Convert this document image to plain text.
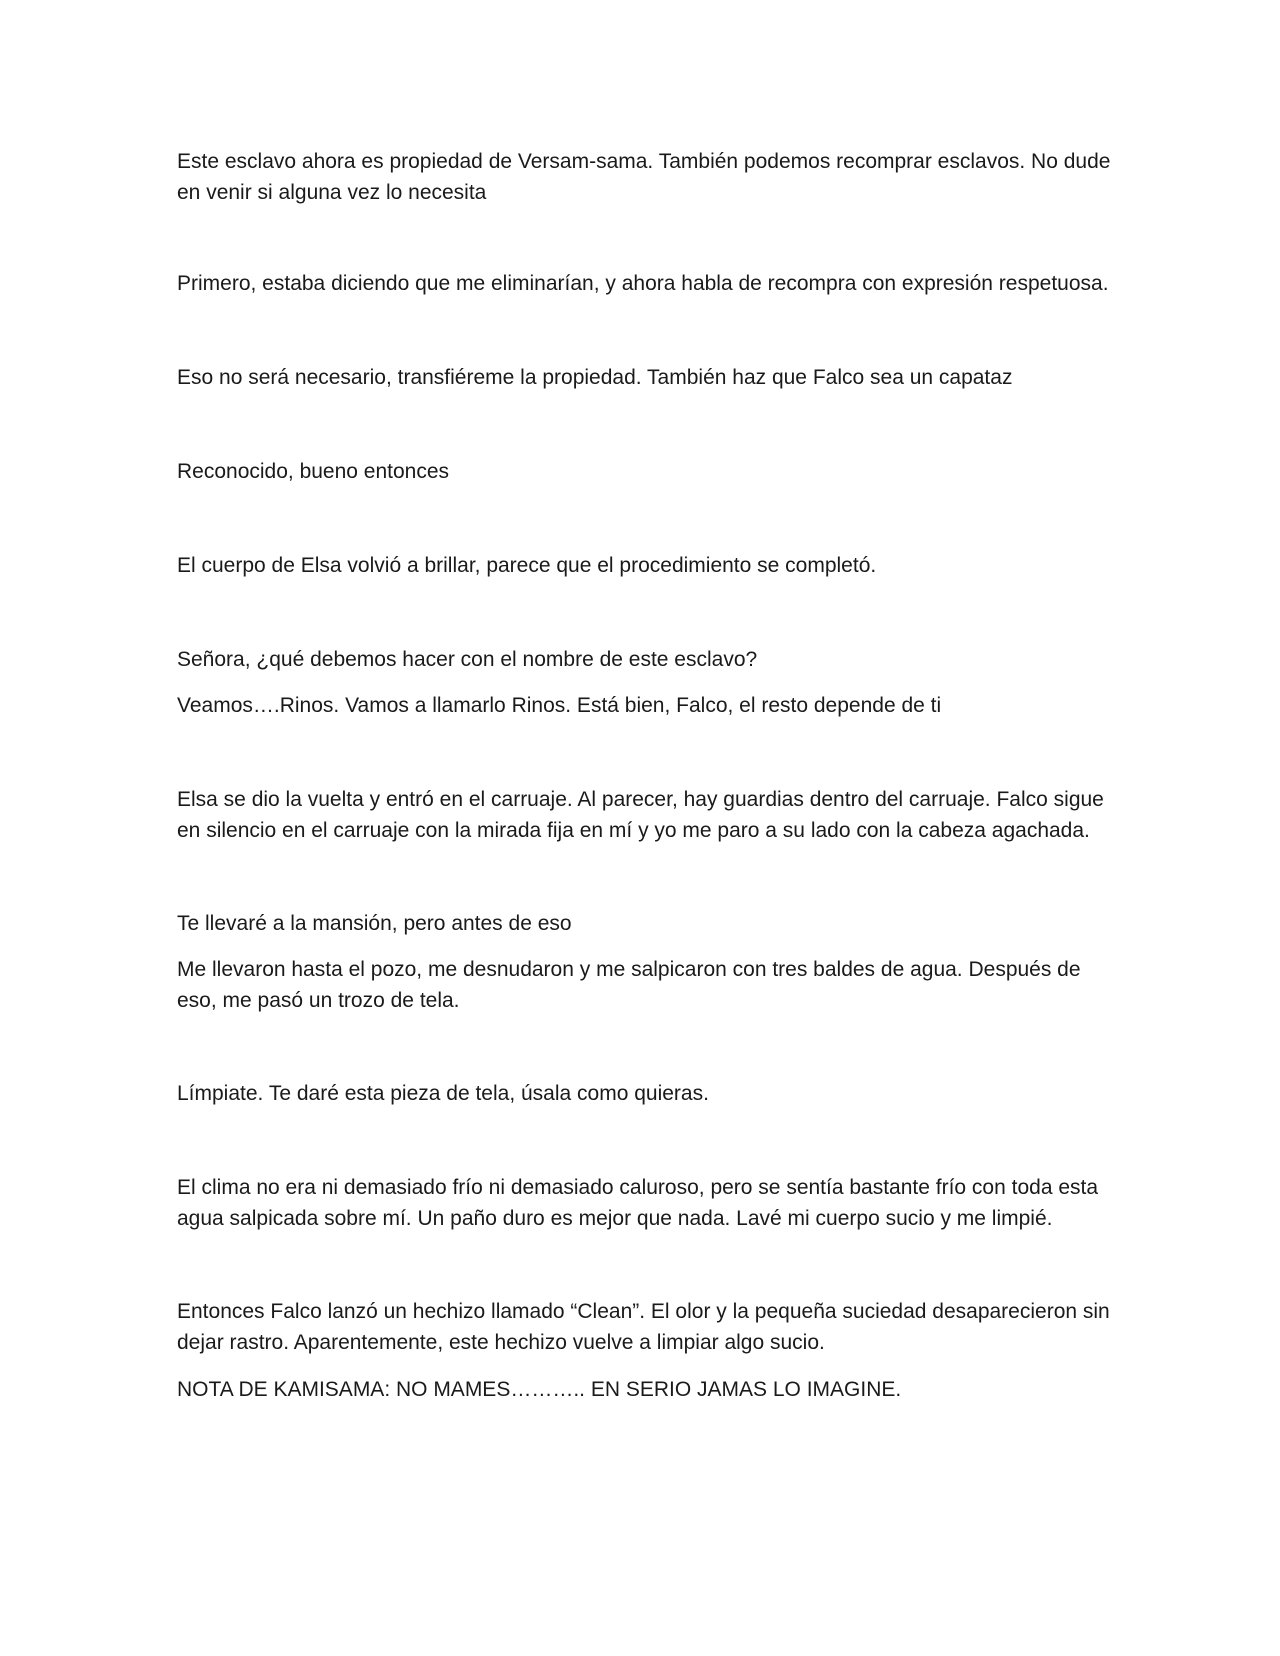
Este esclavo ahora es propiedad de Versam-sama. También podemos recomprar esclavos. No dude en venir si alguna vez lo necesita

Primero, estaba diciendo que me eliminarían, y ahora habla de recompra con expresión respetuosa.

Eso no será necesario, transfiéreme la propiedad. También haz que Falco sea un capataz

Reconocido, bueno entonces

El cuerpo de Elsa volvió a brillar, parece que el procedimiento se completó.

Señora, ¿qué debemos hacer con el nombre de este esclavo?

Veamos….Rinos. Vamos a llamarlo Rinos. Está bien, Falco, el resto depende de ti

Elsa se dio la vuelta y entró en el carruaje. Al parecer, hay guardias dentro del carruaje. Falco sigue en silencio en el carruaje con la mirada fija en mí y yo me paro a su lado con la cabeza agachada.

Te llevaré a la mansión, pero antes de eso

Me llevaron hasta el pozo, me desnudaron y me salpicaron con tres baldes de agua. Después de eso, me pasó un trozo de tela.

Límpiate. Te daré esta pieza de tela, úsala como quieras.

El clima no era ni demasiado frío ni demasiado caluroso, pero se sentía bastante frío con toda esta agua salpicada sobre mí. Un paño duro es mejor que nada. Lavé mi cuerpo sucio y me limpié.

Entonces Falco lanzó un hechizo llamado “Clean”. El olor y la pequeña suciedad desaparecieron sin dejar rastro. Aparentemente, este hechizo vuelve a limpiar algo sucio.

NOTA DE KAMISAMA: NO MAMES……….. EN SERIO JAMAS LO IMAGINE.
